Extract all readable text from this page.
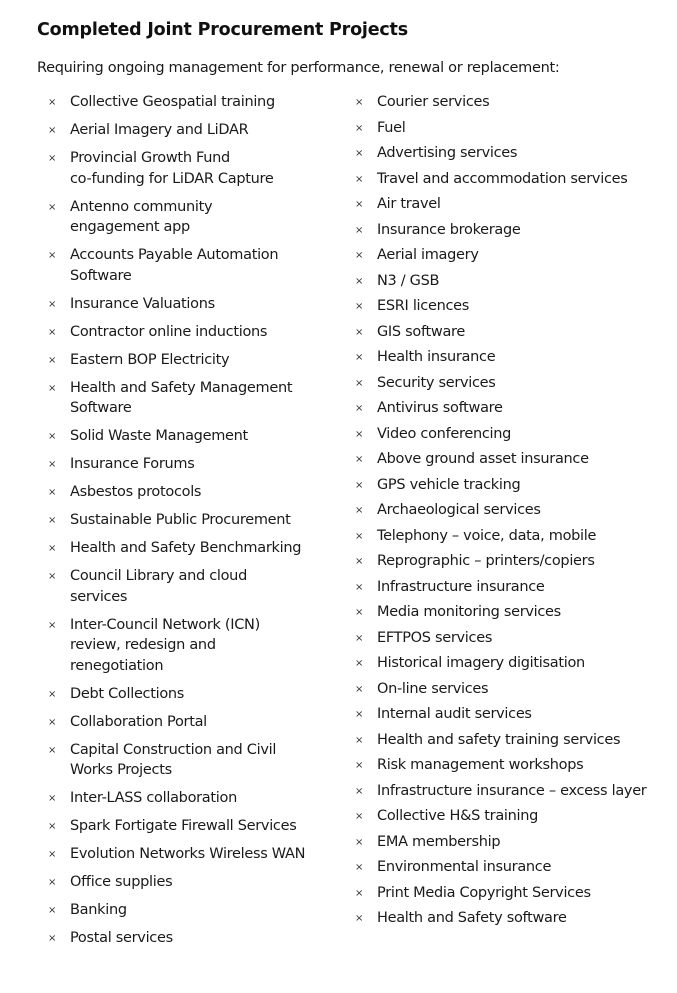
Completed Joint Procurement Projects
Requiring ongoing management for performance, renewal or replacement:
× Collective Geospatial training
× Aerial Imagery and LiDAR
× Provincial Growth Fund
co-funding for LiDAR Capture
× Antenno community
engagement app
× Accounts Payable Automation
Software
× Insurance Valuations
× Contractor online inductions
× Eastern BOP Electricity
× Health and Safety Management
Software
× Solid Waste Management
× Insurance Forums
× Asbestos protocols
× Sustainable Public Procurement
× Health and Safety Benchmarking
× Council Library and cloud
services
× Inter-Council Network (ICN)
review, redesign and
renegotiation
× Debt Collections
× Collaboration Portal
× Capital Construction and Civil
Works Projects
× Inter-LASS collaboration
× Spark Fortigate Firewall Services
× Evolution Networks Wireless WAN
× Office supplies
× Banking
× Postal services
× Courier services
× Fuel
× Advertising services
× Travel and accommodation services
× Air travel
× Insurance brokerage
× Aerial imagery
× N3 / GSB
× ESRI licences
× GIS software
× Health insurance
× Security services
× Antivirus software
× Video conferencing
× Above ground asset insurance
× GPS vehicle tracking
× Archaeological services
× Telephony – voice, data, mobile
× Reprographic – printers/copiers
× Infrastructure insurance
× Media monitoring services
× EFTPOS services
× Historical imagery digitisation
× On-line services
× Internal audit services
× Health and safety training services
× Risk management workshops
× Infrastructure insurance – excess layer
× Collective H&S training
× EMA membership
× Environmental insurance
× Print Media Copyright Services
× Health and Safety software
